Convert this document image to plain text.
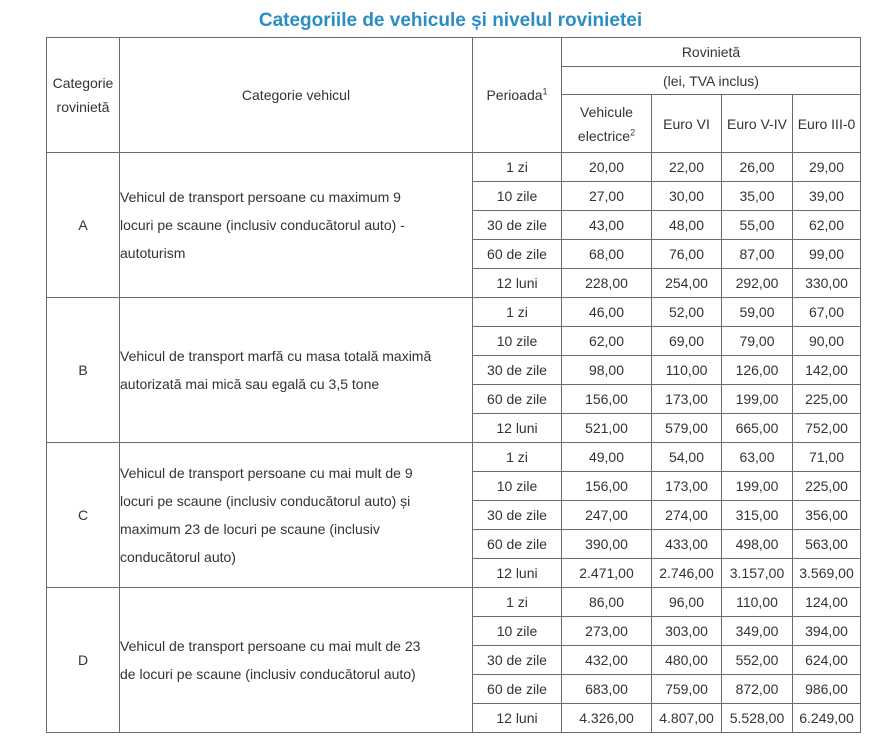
Categoriile de vehicule și nivelul rovinietei
Categorie
rovinietă	Categorie vehicul	Perioada$^1$	Rovinietă			
			(lei, TVA inclus)			
			Vehicule
electrice$^2$	Euro VI	Euro V-IV	Euro III-0
A	Vehicul de transport persoane cu maximum 9
locuri pe scaune (inclusiv conducătorul auto) -
autoturism	1 zi	20,00	22,00	26,00	29,00
		10 zile	27,00	30,00	35,00	39,00
		30 de zile	43,00	48,00	55,00	62,00
		60 de zile	68,00	76,00	87,00	99,00
		12 luni	228,00	254,00	292,00	330,00
B	Vehicul de transport marfă cu masa totală maximă
autorizată mai mică sau egală cu 3,5 tone	1 zi	46,00	52,00	59,00	67,00
		10 zile	62,00	69,00	79,00	90,00
		30 de zile	98,00	110,00	126,00	142,00
		60 de zile	156,00	173,00	199,00	225,00
		12 luni	521,00	579,00	665,00	752,00
C	Vehicul de transport persoane cu mai mult de 9
locuri pe scaune (inclusiv conducătorul auto) și
maximum 23 de locuri pe scaune (inclusiv
conducătorul auto)	1 zi	49,00	54,00	63,00	71,00
		10 zile	156,00	173,00	199,00	225,00
		30 de zile	247,00	274,00	315,00	356,00
		60 de zile	390,00	433,00	498,00	563,00
		12 luni	2.471,00	2.746,00	3.157,00	3.569,00
D	Vehicul de transport persoane cu mai mult de 23
de locuri pe scaune (inclusiv conducătorul auto)	1 zi	86,00	96,00	110,00	124,00
		10 zile	273,00	303,00	349,00	394,00
		30 de zile	432,00	480,00	552,00	624,00
		60 de zile	683,00	759,00	872,00	986,00
		12 luni	4.326,00	4.807,00	5.528,00	6.249,00
